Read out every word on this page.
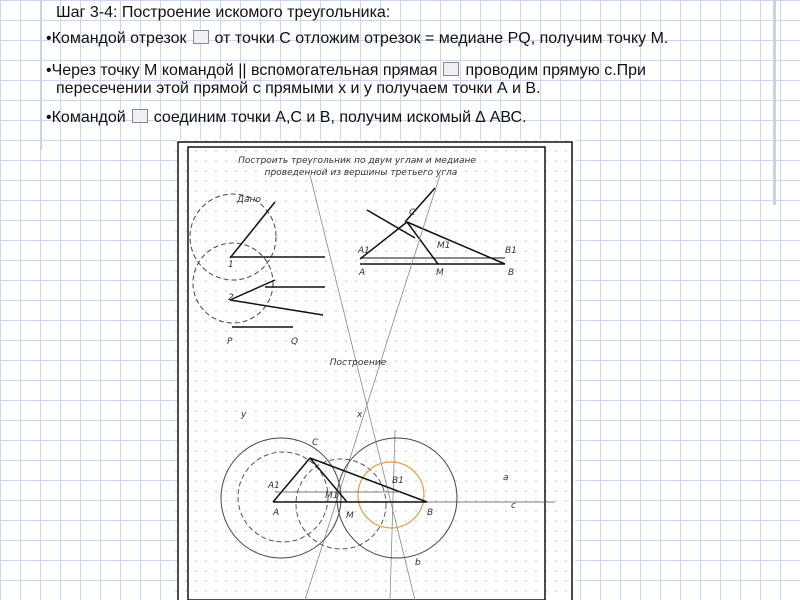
Шаг 3-4: Построение искомого треугольника:
•Командой отрезок от точки С отложим отрезок = медиане PQ, получим точку М.
•Через точку М командой || вспомогательная прямая проводим прямую с.При
пересечении этой прямой с прямыми х и у получаем точки А и В.
•Командой соединим точки А,С и В, получим искомый ∆ АВС.
Построить треугольник по двум углам и медиане
проведенной из вершины третьего угла
Дано
1
2
P	Q
C
A1	M1	B1
A	M	B
Построение
y	x
C
A1
M1
B1
A	M	B
a
c
b
